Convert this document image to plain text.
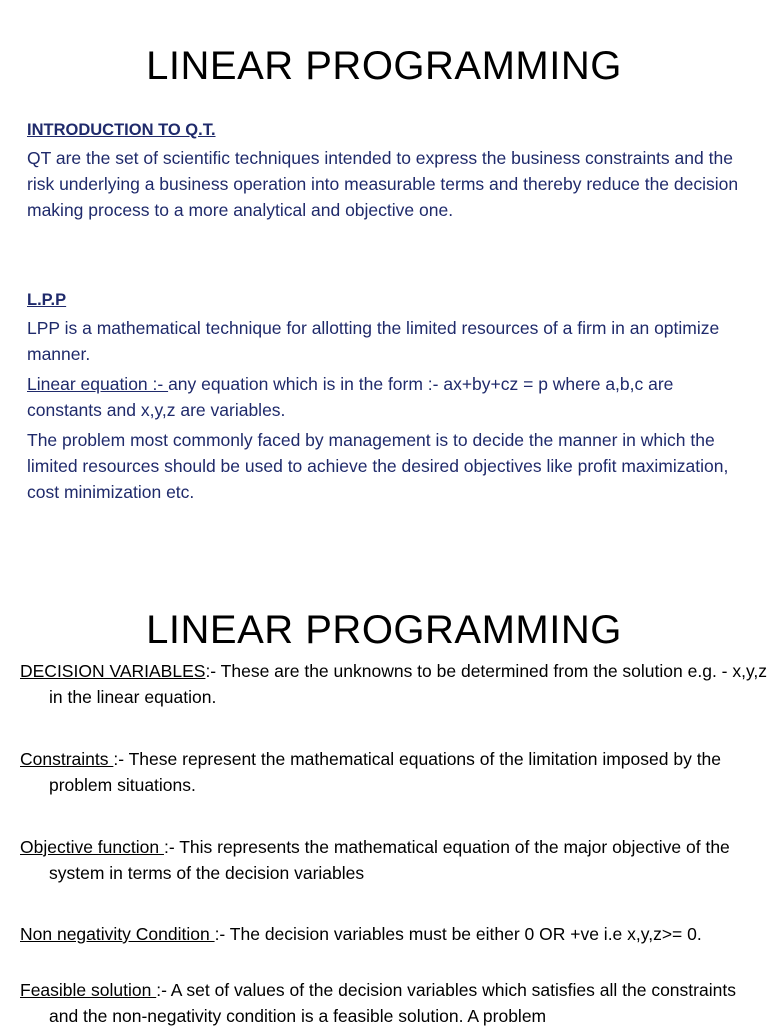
LINEAR PROGRAMMING
INTRODUCTION TO Q.T.
QT are the set of scientific techniques intended to express the business constraints and the risk underlying a business operation into measurable terms and thereby reduce the decision making process to a more analytical and objective one.
L.P.P
LPP is a mathematical technique for allotting the limited resources of a firm in an optimize manner.
Linear equation :- any equation which is in the form :- ax+by+cz = p where a,b,c are constants and x,y,z are variables.
The problem most commonly faced by management is to decide the manner in which the limited resources should be used to achieve the desired objectives like profit maximization, cost minimization etc.
LINEAR PROGRAMMING
DECISION VARIABLES:- These are the unknowns to be determined from the solution e.g. - x,y,z in the linear equation.
Constraints :- These represent the mathematical equations of the limitation imposed by the problem situations.
Objective function :- This represents the mathematical equation of the major objective of the system in terms of the decision variables
Non negativity Condition :- The decision variables must be either 0 OR +ve i.e x,y,z>= 0.
Feasible solution :- A set of values of the decision variables which satisfies all the constraints and the non-negativity condition is a feasible solution. A problem
